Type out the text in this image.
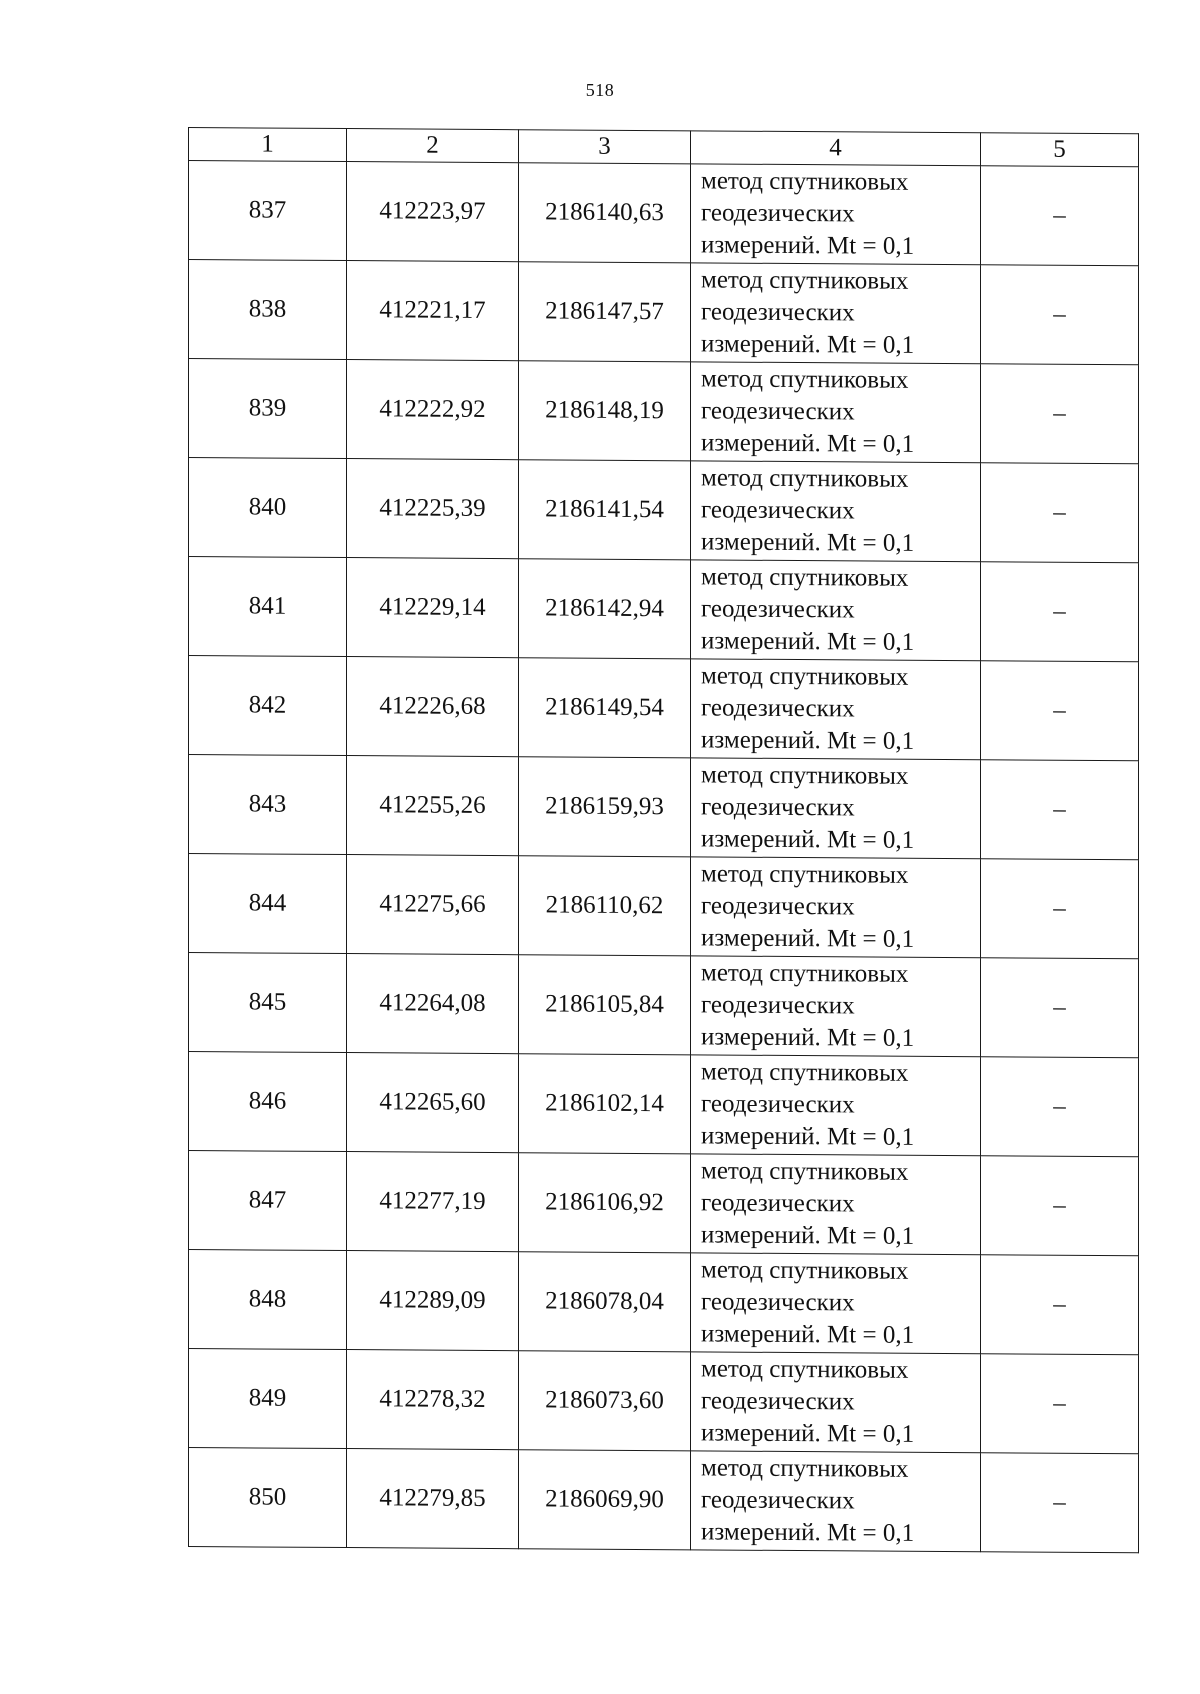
518
1	2	3	4	5
837	412223,97	2186140,63	метод спутниковых
геодезических
измерений. Mt = 0,1	–
838	412221,17	2186147,57	метод спутниковых
геодезических
измерений. Mt = 0,1	–
839	412222,92	2186148,19	метод спутниковых
геодезических
измерений. Mt = 0,1	–
840	412225,39	2186141,54	метод спутниковых
геодезических
измерений. Mt = 0,1	–
841	412229,14	2186142,94	метод спутниковых
геодезических
измерений. Mt = 0,1	–
842	412226,68	2186149,54	метод спутниковых
геодезических
измерений. Mt = 0,1	–
843	412255,26	2186159,93	метод спутниковых
геодезических
измерений. Mt = 0,1	–
844	412275,66	2186110,62	метод спутниковых
геодезических
измерений. Mt = 0,1	–
845	412264,08	2186105,84	метод спутниковых
геодезических
измерений. Mt = 0,1	–
846	412265,60	2186102,14	метод спутниковых
геодезических
измерений. Mt = 0,1	–
847	412277,19	2186106,92	метод спутниковых
геодезических
измерений. Mt = 0,1	–
848	412289,09	2186078,04	метод спутниковых
геодезических
измерений. Mt = 0,1	–
849	412278,32	2186073,60	метод спутниковых
геодезических
измерений. Mt = 0,1	–
850	412279,85	2186069,90	метод спутниковых
геодезических
измерений. Mt = 0,1	–
